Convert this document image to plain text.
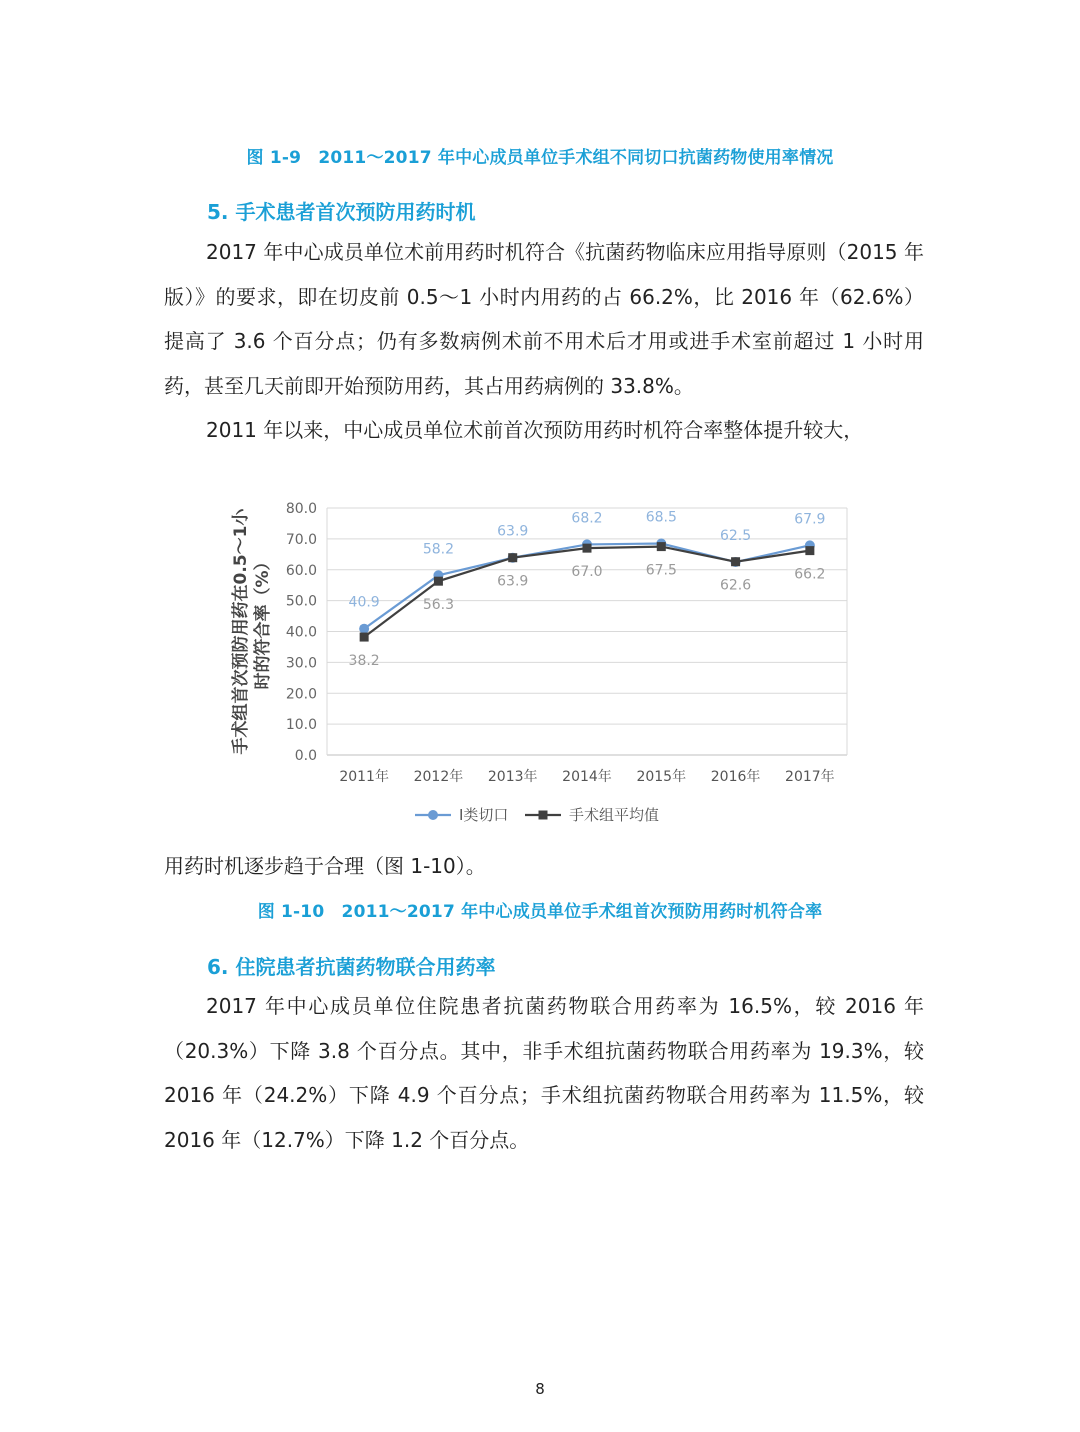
图 1-9　2011～2017 年中心成员单位手术组不同切口抗菌药物使用率情况
5. 手术患者首次预防用药时机

2017 年中心成员单位术前用药时机符合《抗菌药物临床应用指导原则（2015 年版）》的要求，即在切皮前 0.5～1 小时内用药的占 66.2%，比 2016 年（62.6%）提高了 3.6 个百分点；仍有多数病例术前不用术后才用或进手术室前超过 1 小时用药，甚至几天前即开始预防用药，其占用药病例的 33.8%。

2011 年以来，中心成员单位术前首次预防用药时机符合率整体提升较大，

手术组首次预防用药在0.5～1小 时的符合率（%）
0.0
10.0
20.0
30.0
40.0
50.0
60.0
70.0
80.0
2011年 2012年 2013年 2014年 2015年 2016年 2017年
40.9
58.2
63.9
68.2	68.5
62.5
67.9
38.2
56.3
63.9
67.0	67.5
62.6
66.2
Ⅰ类切口	手术组平均值
用药时机逐步趋于合理（图 1-10）。
图 1-10　2011～2017 年中心成员单位手术组首次预防用药时机符合率
6. 住院患者抗菌药物联合用药率

2017 年中心成员单位住院患者抗菌药物联合用药率为 16.5%，较 2016 年（20.3%）下降 3.8 个百分点。其中，非手术组抗菌药物联合用药率为 19.3%，较 2016 年（24.2%）下降 4.9 个百分点；手术组抗菌药物联合用药率为 11.5%，较 2016 年（12.7%）下降 1.2 个百分点。

8
